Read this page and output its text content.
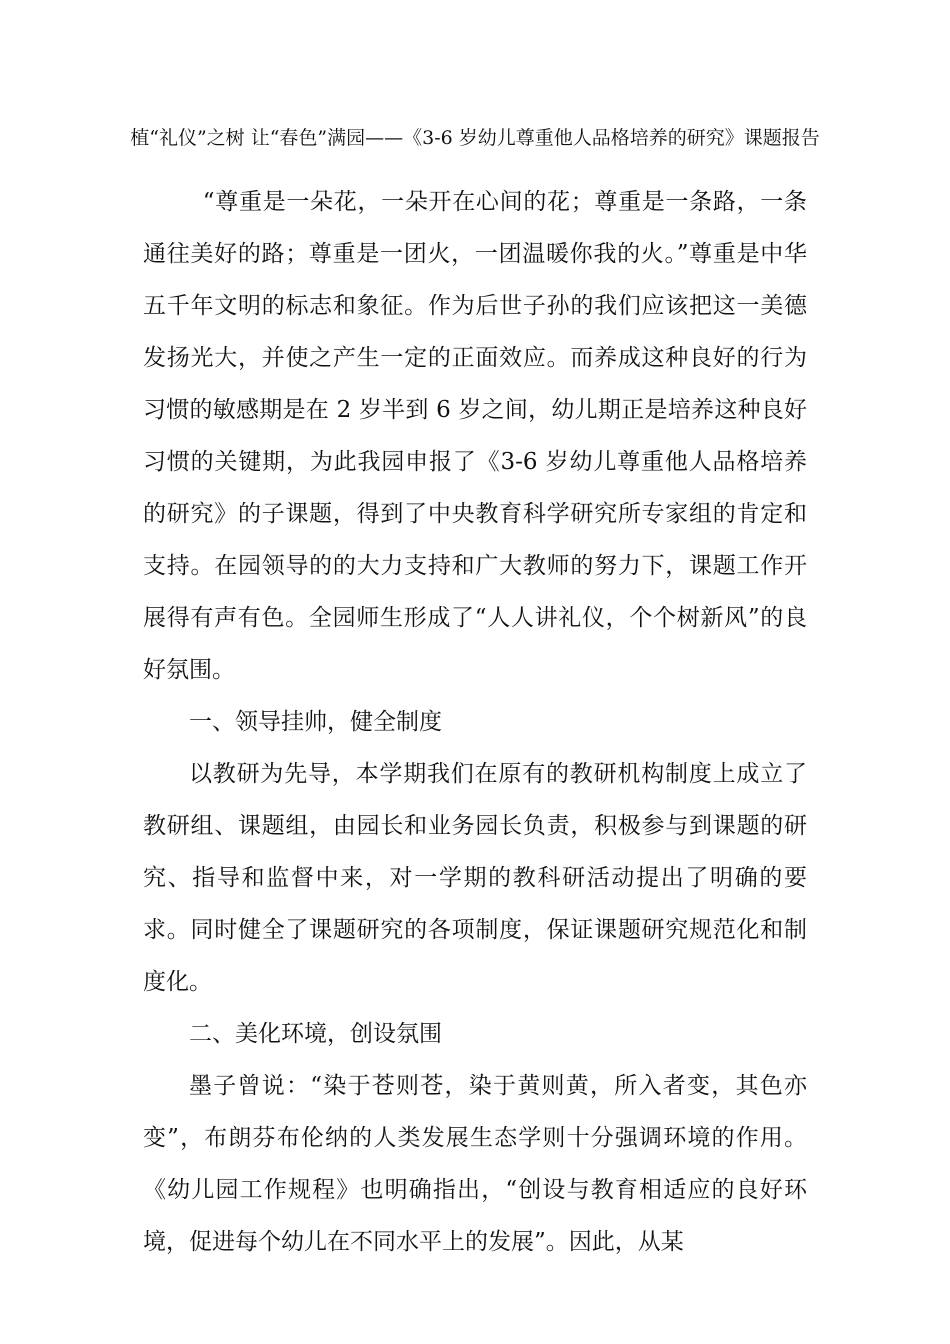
植“礼仪”之树 让“春色”满园——《3-6 岁幼儿尊重他人品格培养的研究》课题报告

“尊重是一朵花，一朵开在心间的花；尊重是一条路，一条通往美好的路；尊重是一团火，一团温暖你我的火。”尊重是中华五千年文明的标志和象征。作为后世子孙的我们应该把这一美德发扬光大，并使之产生一定的正面效应。而养成这种良好的行为习惯的敏感期是在 2 岁半到 6 岁之间，幼儿期正是培养这种良好习惯的关键期，为此我园申报了《3-6 岁幼儿尊重他人品格培养的研究》的子课题，得到了中央教育科学研究所专家组的肯定和支持。在园领导的的大力支持和广大教师的努力下，课题工作开展得有声有色。全园师生形成了“人人讲礼仪，个个树新风”的良好氛围。

一、领导挂帅，健全制度

以教研为先导，本学期我们在原有的教研机构制度上成立了教研组、课题组，由园长和业务园长负责，积极参与到课题的研究、指导和监督中来，对一学期的教科研活动提出了明确的要求。同时健全了课题研究的各项制度，保证课题研究规范化和制度化。

二、美化环境，创设氛围

墨子曾说：“染于苍则苍，染于黄则黄，所入者变，其色亦变”，布朗芬布伦纳的人类发展生态学则十分强调环境的作用。《幼儿园工作规程》也明确指出，“创设与教育相适应的良好环境，促进每个幼儿在不同水平上的发展”。因此，从某
